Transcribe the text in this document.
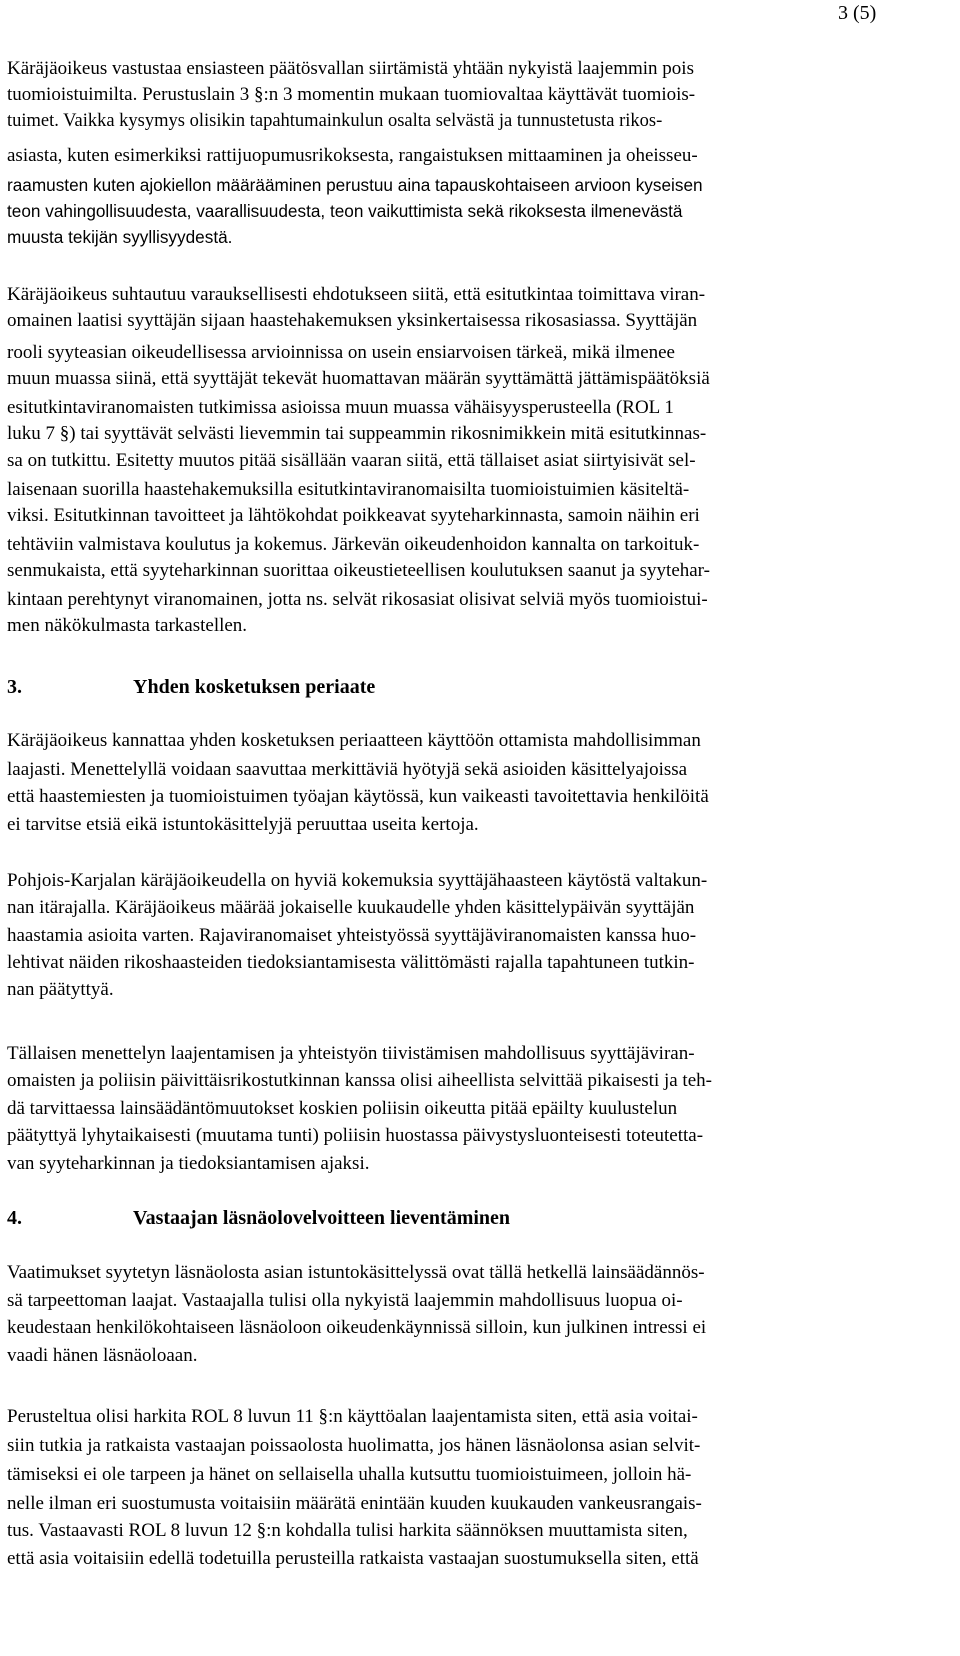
3 (5)
Käräjäoikeus vastustaa ensiasteen päätösvallan siirtämistä yhtään nykyistä laajemmin pois
tuomioistuimilta. Perustuslain 3 §:n 3 momentin mukaan tuomiovaltaa käyttävät tuomiois-
tuimet. Vaikka kysymys olisikin tapahtumainkulun osalta selvästä ja tunnustetusta rikos-
asiasta, kuten esimerkiksi rattijuopumusrikoksesta, rangaistuksen mittaaminen ja oheisseu-
raamusten kuten ajokiellon määrääminen perustuu aina tapauskohtaiseen arvioon kyseisen
teon vahingollisuudesta, vaarallisuudesta, teon vaikuttimista sekä rikoksesta ilmenevästä
muusta tekijän syyllisyydestä.
Käräjäoikeus suhtautuu varauksellisesti ehdotukseen siitä, että esitutkintaa toimittava viran-
omainen laatisi syyttäjän sijaan haastehakemuksen yksinkertaisessa rikosasiassa. Syyttäjän
rooli syyteasian oikeudellisessa arvioinnissa on usein ensiarvoisen tärkeä, mikä ilmenee
muun muassa siinä, että syyttäjät tekevät huomattavan määrän syyttämättä jättämispäätöksiä
esitutkintaviranomaisten tutkimissa asioissa muun muassa vähäisyysperusteella (ROL 1
luku 7 §) tai syyttävät selvästi lievemmin tai suppeammin rikosnimikkein mitä esitutkinnas-
sa on tutkittu. Esitetty muutos pitää sisällään vaaran siitä, että tällaiset asiat siirtyisivät sel-
laisenaan suorilla haastehakemuksilla esitutkintaviranomaisilta tuomioistuimien käsiteltä-
viksi. Esitutkinnan tavoitteet ja lähtökohdat poikkeavat syyteharkinnasta, samoin näihin eri
tehtäviin valmistava koulutus ja kokemus. Järkevän oikeudenhoidon kannalta on tarkoituk-
senmukaista, että syyteharkinnan suorittaa oikeustieteellisen koulutuksen saanut ja syytehar-
kintaan perehtynyt viranomainen, jotta ns. selvät rikosasiat olisivat selviä myös tuomioistui-
men näkökulmasta tarkastellen.
3.	Yhden kosketuksen periaate
Käräjäoikeus kannattaa yhden kosketuksen periaatteen käyttöön ottamista mahdollisimman
laajasti. Menettelyllä voidaan saavuttaa merkittäviä hyötyjä sekä asioiden käsittelyajoissa
että haastemiesten ja tuomioistuimen työajan käytössä, kun vaikeasti tavoitettavia henkilöitä
ei tarvitse etsiä eikä istuntokäsittelyjä peruuttaa useita kertoja.
Pohjois-Karjalan käräjäoikeudella on hyviä kokemuksia syyttäjähaasteen käytöstä valtakun-
nan itärajalla. Käräjäoikeus määrää jokaiselle kuukaudelle yhden käsittelypäivän syyttäjän
haastamia asioita varten. Rajaviranomaiset yhteistyössä syyttäjäviranomaisten kanssa huo-
lehtivat näiden rikoshaasteiden tiedoksiantamisesta välittömästi rajalla tapahtuneen tutkin-
nan päätyttyä.
Tällaisen menettelyn laajentamisen ja yhteistyön tiivistämisen mahdollisuus syyttäjäviran-
omaisten ja poliisin päivittäisrikostutkinnan kanssa olisi aiheellista selvittää pikaisesti ja teh-
dä tarvittaessa lainsäädäntömuutokset koskien poliisin oikeutta pitää epäilty kuulustelun
päätyttyä lyhytaikaisesti (muutama tunti) poliisin huostassa päivystysluonteisesti toteutetta-
van syyteharkinnan ja tiedoksiantamisen ajaksi.
4.	Vastaajan läsnäolovelvoitteen lieventäminen
Vaatimukset syytetyn läsnäolosta asian istuntokäsittelyssä ovat tällä hetkellä lainsäädännös-
sä tarpeettoman laajat. Vastaajalla tulisi olla nykyistä laajemmin mahdollisuus luopua oi-
keudestaan henkilökohtaiseen läsnäoloon oikeudenkäynnissä silloin, kun julkinen intressi ei
vaadi hänen läsnäoloaan.
Perusteltua olisi harkita ROL 8 luvun 11 §:n käyttöalan laajentamista siten, että asia voitai-
siin tutkia ja ratkaista vastaajan poissaolosta huolimatta, jos hänen läsnäolonsa asian selvit-
tämiseksi ei ole tarpeen ja hänet on sellaisella uhalla kutsuttu tuomioistuimeen, jolloin hä-
nelle ilman eri suostumusta voitaisiin määrätä enintään kuuden kuukauden vankeusrangais-
tus. Vastaavasti ROL 8 luvun 12 §:n kohdalla tulisi harkita säännöksen muuttamista siten,
että asia voitaisiin edellä todetuilla perusteilla ratkaista vastaajan suostumuksella siten, että
